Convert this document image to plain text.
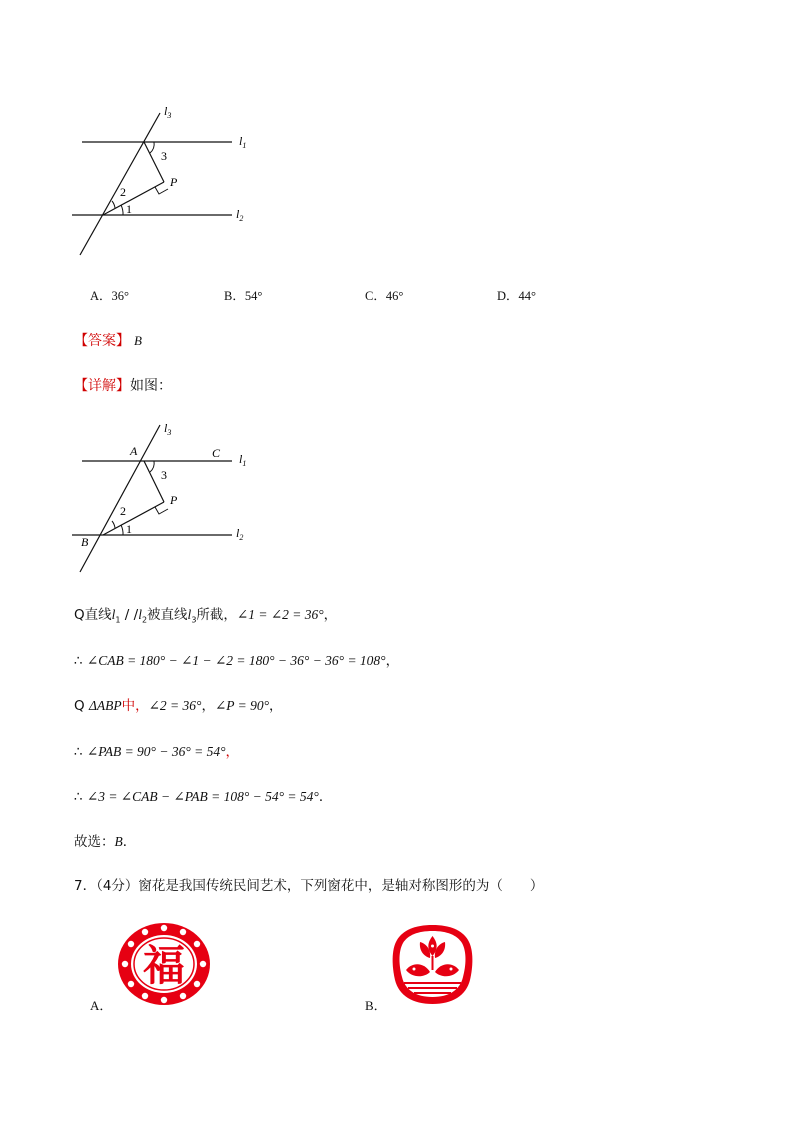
$l_3$
$l_1$
$l_2$
3
P
2
1
A．36°	B．54°	C．46°	D．44°
【答案】 B
【详解】如图：
$l_3$
A	C $l_1$
3
P
2
1	$l_2$
B
Q直线$l_1 / /l_2$被直线$l_3$所截，∠1 = ∠2 = 36°，
∴ ∠CAB = 180° − ∠1 − ∠2 = 180° − 36° − 36° = 108°，
Q ΔABP中，∠2 = 36°，∠P = 90°，
∴ ∠PAB = 90° − 36° = 54°，
∴ ∠3 = ∠CAB − ∠PAB = 108° − 54° = 54°．
故选：B．
7．（4分）窗花是我国传统民间艺术，下列窗花中，是轴对称图形的为（　　）
福
A．	B．
